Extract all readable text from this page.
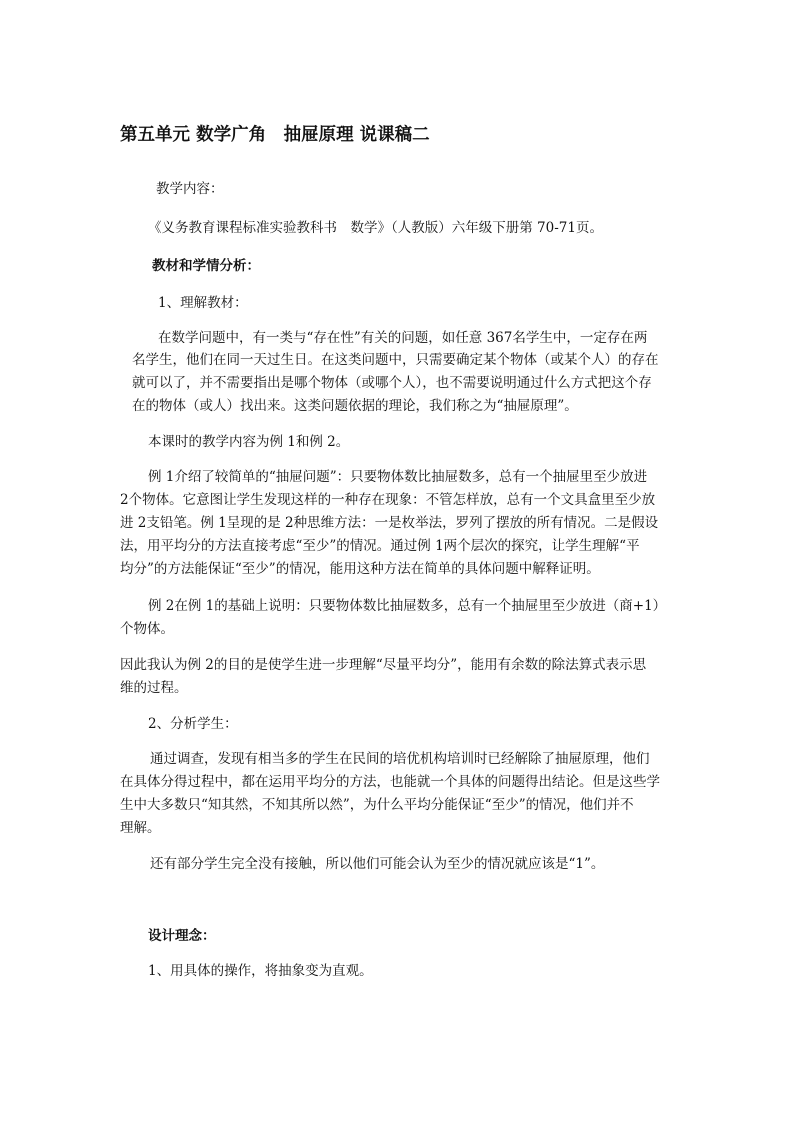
第五单元 数学广角　抽屉原理 说课稿二

教学内容：

《义务教育课程标准实验教科书　数学》（人教版）六年级下册第 70-71页。

教材和学情分析：

1、理解教材：

在数学问题中，有一类与“存在性”有关的问题，如任意 367名学生中，一定存在两

名学生，他们在同一天过生日。在这类问题中，只需要确定某个物体（或某个人）的存在

就可以了，并不需要指出是哪个物体（或哪个人），也不需要说明通过什么方式把这个存

在的物体（或人）找出来。这类问题依据的理论，我们称之为“抽屉原理”。

本课时的教学内容为例 1和例 2。

例 1介绍了较简单的“抽屉问题”：只要物体数比抽屉数多，总有一个抽屉里至少放进

2个物体。它意图让学生发现这样的一种存在现象：不管怎样放，总有一个文具盒里至少放

进 2支铅笔。例 1呈现的是 2种思维方法：一是枚举法，罗列了摆放的所有情况。二是假设

法，用平均分的方法直接考虑“至少”的情况。通过例 1两个层次的探究，让学生理解“平

均分”的方法能保证“至少”的情况，能用这种方法在简单的具体问题中解释证明。

例 2在例 1的基础上说明：只要物体数比抽屉数多，总有一个抽屉里至少放进（商+1）

个物体。

因此我认为例 2的目的是使学生进一步理解“尽量平均分”，能用有余数的除法算式表示思

维的过程。

2、分析学生：

通过调查，发现有相当多的学生在民间的培优机构培训时已经解除了抽屉原理，他们

在具体分得过程中，都在运用平均分的方法，也能就一个具体的问题得出结论。但是这些学

生中大多数只“知其然，不知其所以然”，为什么平均分能保证“至少”的情况，他们并不

理解。

还有部分学生完全没有接触，所以他们可能会认为至少的情况就应该是“1”。

设计理念：

1、用具体的操作，将抽象变为直观。
